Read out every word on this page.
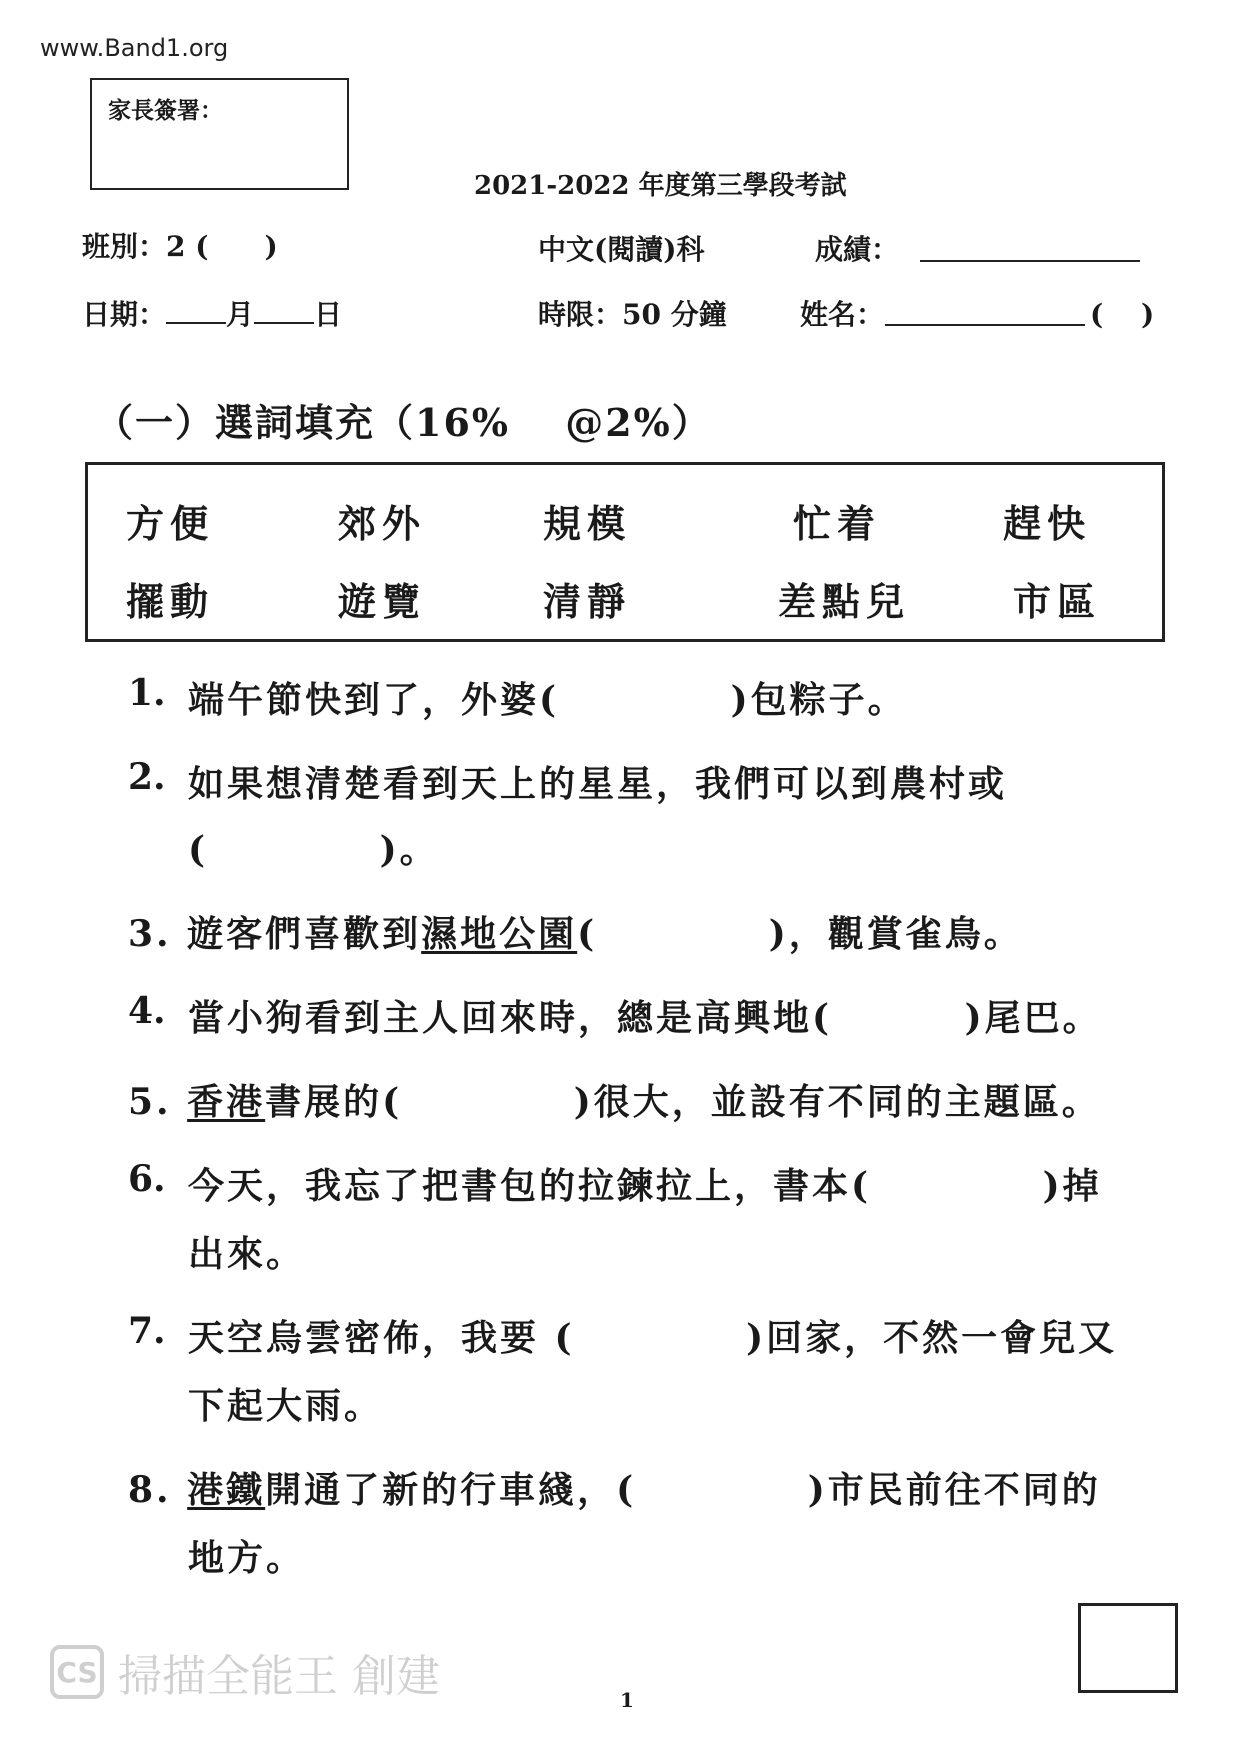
www.Band1.org
家長簽署：
2021-2022 年度第三學段考試
班別：2 (　　)	中文(閱讀)科	成績：
日期： 月 日	時限：50 分鐘	姓名：	(　 )
（一）選詞填充（16%　 @2%）
方便	郊外	規模	忙着	趕快
擺動	遊覽	清靜	差點兒	市區
1. 端午節快到了，外婆(　　　　 )包粽子。
2. 如果想清楚看到天上的星星，我們可以到農村或
(　　　　 )。
3. 遊客們喜歡到濕地公園(　　　　 )，觀賞雀鳥。
4. 當小狗看到主人回來時，總是高興地(　　　 )尾巴。
5. 香港書展的(　　　　 )很大，並設有不同的主題區。
6. 今天，我忘了把書包的拉鍊拉上，書本(　　　　 )掉
出來。
7. 天空烏雲密佈，我要 (　　　　 )回家，不然一會兒又
下起大雨。
8. 港鐵開通了新的行車綫，(　　　　 )市民前往不同的
地方。
CS 掃描全能王 創建	1
